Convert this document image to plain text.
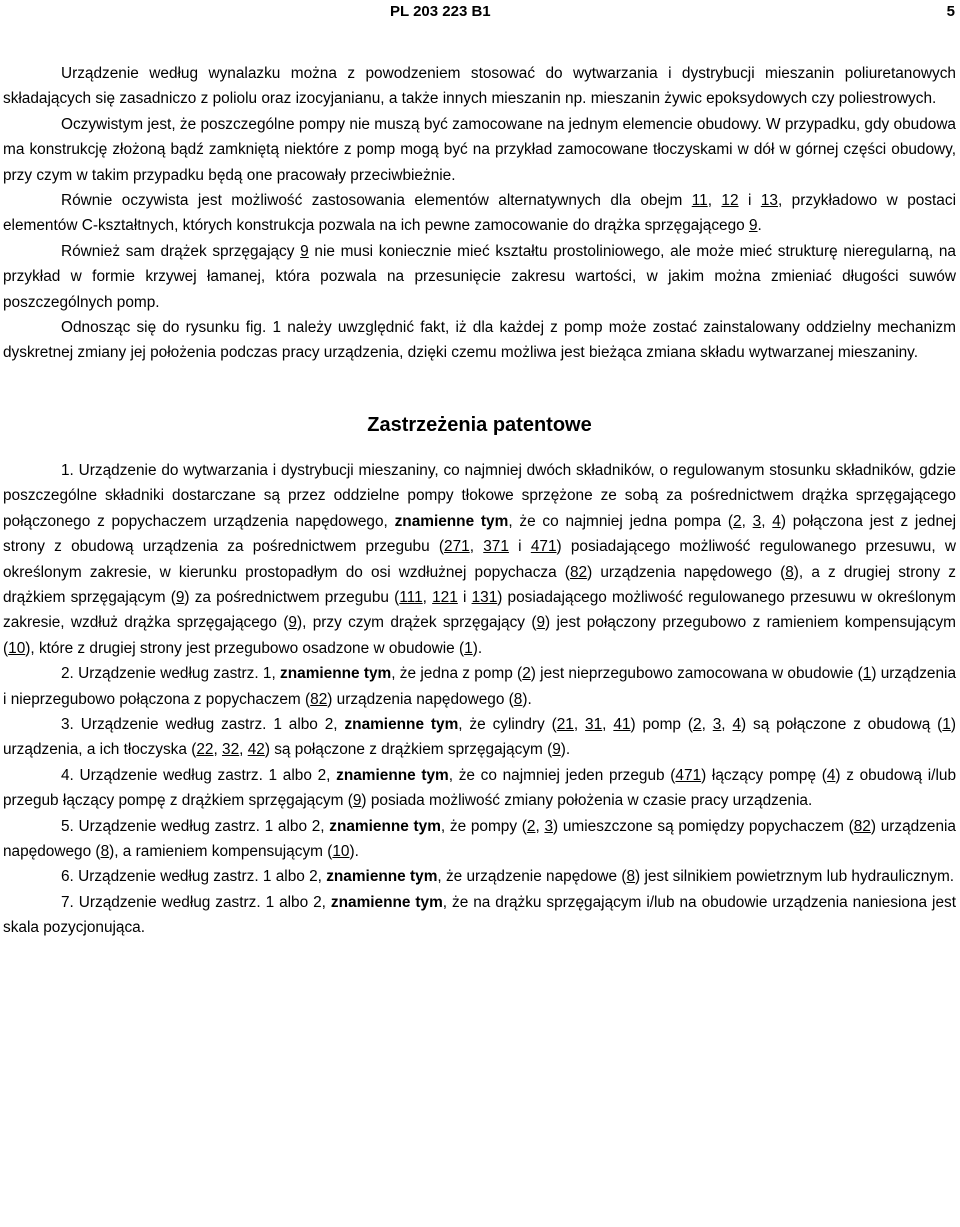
PL 203 223 B1	5

Urządzenie według wynalazku można z powodzeniem stosować do wytwarzania i dystrybucji mieszanin poliuretanowych składających się zasadniczo z poliolu oraz izocyjanianu, a także innych mieszanin np. mieszanin żywic epoksydowych czy poliestrowych.

Oczywistym jest, że poszczególne pompy nie muszą być zamocowane na jednym elemencie obudowy. W przypadku, gdy obudowa ma konstrukcję złożoną bądź zamkniętą niektóre z pomp mogą być na przykład zamocowane tłoczyskami w dół w górnej części obudowy, przy czym w takim przypadku będą one pracowały przeciwbieżnie.

Równie oczywista jest możliwość zastosowania elementów alternatywnych dla obejm 11, 12 i 13, przykładowo w postaci elementów C-kształtnych, których konstrukcja pozwala na ich pewne zamocowanie do drążka sprzęgającego 9.

Również sam drążek sprzęgający 9 nie musi koniecznie mieć kształtu prostoliniowego, ale może mieć strukturę nieregularną, na przykład w formie krzywej łamanej, która pozwala na przesunięcie zakresu wartości, w jakim można zmieniać długości suwów poszczególnych pomp.

Odnosząc się do rysunku fig. 1 należy uwzględnić fakt, iż dla każdej z pomp może zostać zainstalowany oddzielny mechanizm dyskretnej zmiany jej położenia podczas pracy urządzenia, dzięki czemu możliwa jest bieżąca zmiana składu wytwarzanej mieszaniny.

Zastrzeżenia patentowe

1. Urządzenie do wytwarzania i dystrybucji mieszaniny, co najmniej dwóch składników, o regulowanym stosunku składników, gdzie poszczególne składniki dostarczane są przez oddzielne pompy tłokowe sprzężone ze sobą za pośrednictwem drążka sprzęgającego połączonego z popychaczem urządzenia napędowego, znamienne tym, że co najmniej jedna pompa (2, 3, 4) połączona jest z jednej strony z obudową urządzenia za pośrednictwem przegubu (271, 371 i 471) posiadającego możliwość regulowanego przesuwu, w określonym zakresie, w kierunku prostopadłym do osi wzdłużnej popychacza (82) urządzenia napędowego (8), a z drugiej strony z drążkiem sprzęgającym (9) za pośrednictwem przegubu (111, 121 i 131) posiadającego możliwość regulowanego przesuwu w określonym zakresie, wzdłuż drążka sprzęgającego (9), przy czym drążek sprzęgający (9) jest połączony przegubowo z ramieniem kompensującym (10), które z drugiej strony jest przegubowo osadzone w obudowie (1).

2. Urządzenie według zastrz. 1, znamienne tym, że jedna z pomp (2) jest nieprzegubowo zamocowana w obudowie (1) urządzenia i nieprzegubowo połączona z popychaczem (82) urządzenia napędowego (8).

3. Urządzenie według zastrz. 1 albo 2, znamienne tym, że cylindry (21, 31, 41) pomp (2, 3, 4) są połączone z obudową (1) urządzenia, a ich tłoczyska (22, 32, 42) są połączone z drążkiem sprzęgającym (9).

4. Urządzenie według zastrz. 1 albo 2, znamienne tym, że co najmniej jeden przegub (471) łączący pompę (4) z obudową i/lub przegub łączący pompę z drążkiem sprzęgającym (9) posiada możliwość zmiany położenia w czasie pracy urządzenia.

5. Urządzenie według zastrz. 1 albo 2, znamienne tym, że pompy (2, 3) umieszczone są pomiędzy popychaczem (82) urządzenia napędowego (8), a ramieniem kompensującym (10).

6. Urządzenie według zastrz. 1 albo 2, znamienne tym, że urządzenie napędowe (8) jest silnikiem powietrznym lub hydraulicznym.

7. Urządzenie według zastrz. 1 albo 2, znamienne tym, że na drążku sprzęgającym i/lub na obudowie urządzenia naniesiona jest skala pozycjonująca.
